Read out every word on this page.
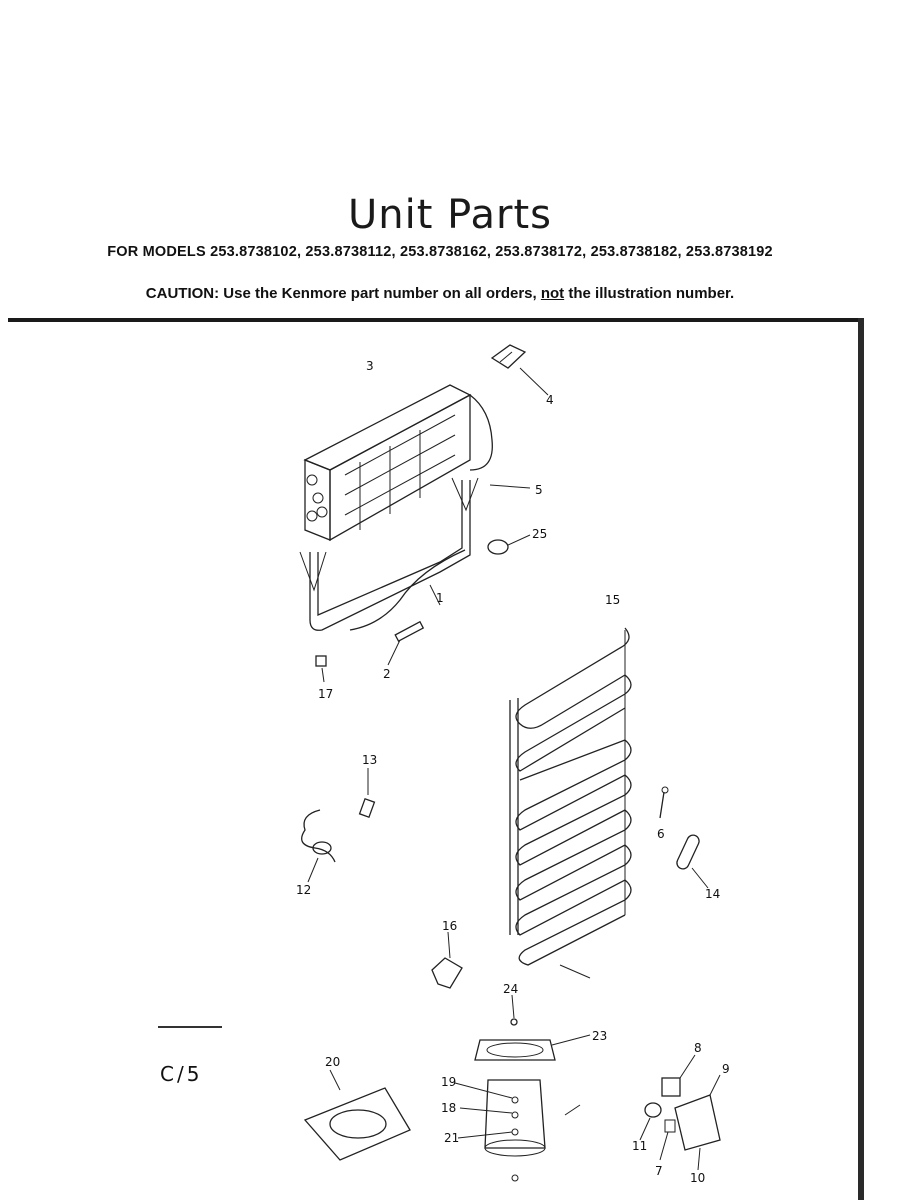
Unit Parts
FOR MODELS 253.8738102, 253.8738112, 253.8738162, 253.8738172, 253.8738182, 253.8738192
CAUTION: Use the Kenmore part number on all orders, not the illustration number.
C/5
3
4
5
25
1	15
2
17
13
6
12	14
16
24
23
8
9
20
19
18
21
11
7 10
